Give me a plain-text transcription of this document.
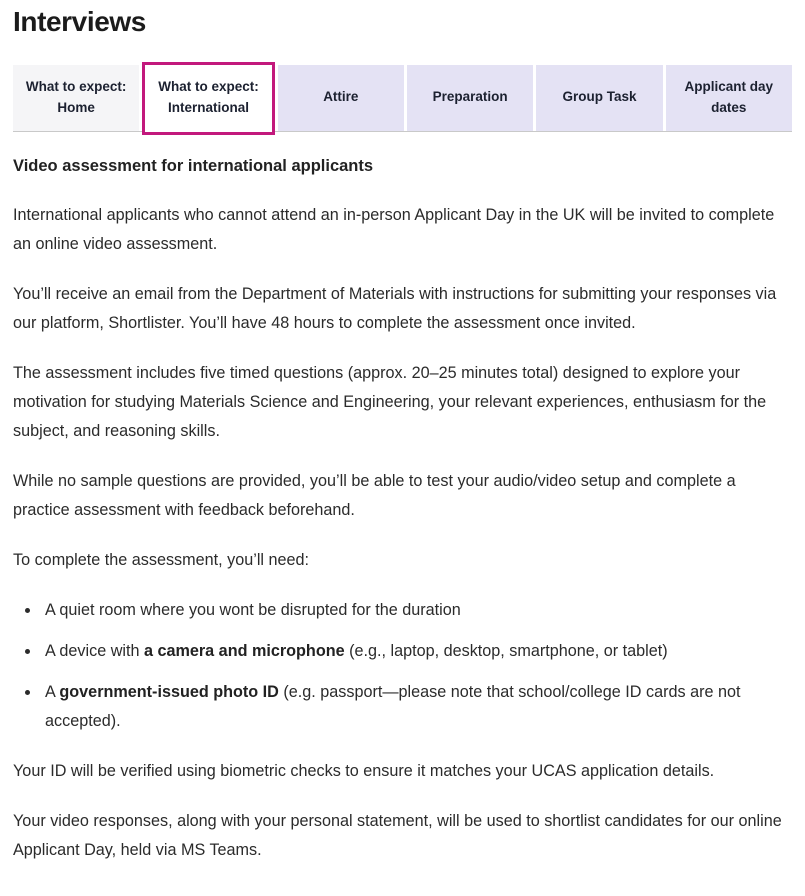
Interviews
What to expect: Home
What to expect: International
Attire	Preparation	Group Task
Applicant day dates
Video assessment for international applicants

International applicants who cannot attend an in-person Applicant Day in the UK will be invited to complete an online video assessment.

You’ll receive an email from the Department of Materials with instructions for submitting your responses via our platform, Shortlister. You’ll have 48 hours to complete the assessment once invited.

The assessment includes five timed questions (approx. 20–25 minutes total) designed to explore your motivation for studying Materials Science and Engineering, your relevant experiences, enthusiasm for the subject, and reasoning skills.

While no sample questions are provided, you’ll be able to test your audio/video setup and complete a practice assessment with feedback beforehand.

To complete the assessment, you’ll need:

• A quiet room where you wont be disrupted for the duration
• A device with a camera and microphone (e.g., laptop, desktop, smartphone, or tablet)
• A government-issued photo ID (e.g. passport—please note that school/college ID cards are not accepted).

Your ID will be verified using biometric checks to ensure it matches your UCAS application details.

Your video responses, along with your personal statement, will be used to shortlist candidates for our online Applicant Day, held via MS Teams.
